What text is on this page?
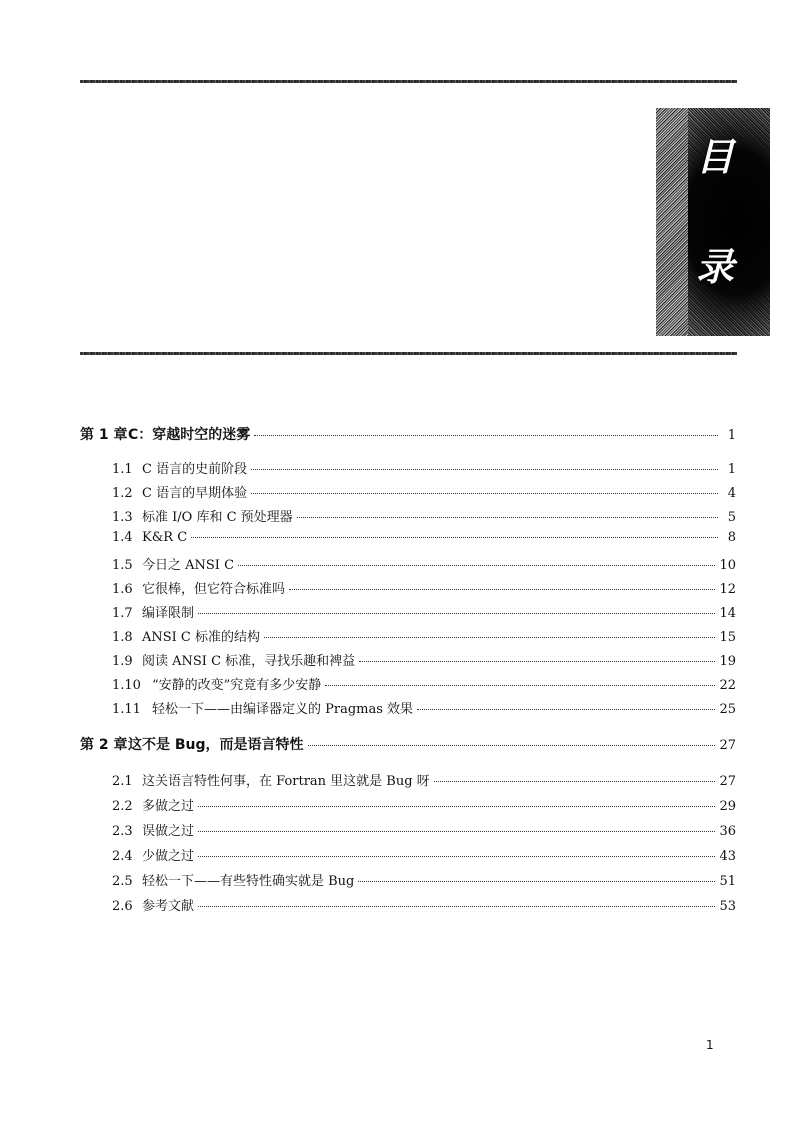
目
录
第 1 章 C：穿越时空的迷雾	1
1.1 C 语言的史前阶段	1
1.2 C 语言的早期体验	4
1.3 标准 I/O 库和 C 预处理器	5
1.4 K&R C	8
1.5 今日之 ANSI C	10
1.6 它很棒，但它符合标准吗	12
1.7 编译限制	14
1.8 ANSI C 标准的结构	15
1.9 阅读 ANSI C 标准，寻找乐趣和裨益	19
1.10 “安静的改变”究竟有多少安静	22
1.11 轻松一下——由编译器定义的 Pragmas 效果	25
第 2 章 这不是 Bug，而是语言特性	27
2.1 这关语言特性何事，在 Fortran 里这就是 Bug 呀	27
2.2 多做之过	29
2.3 误做之过	36
2.4 少做之过	43
2.5 轻松一下——有些特性确实就是 Bug	51
2.6 参考文献	53
1
